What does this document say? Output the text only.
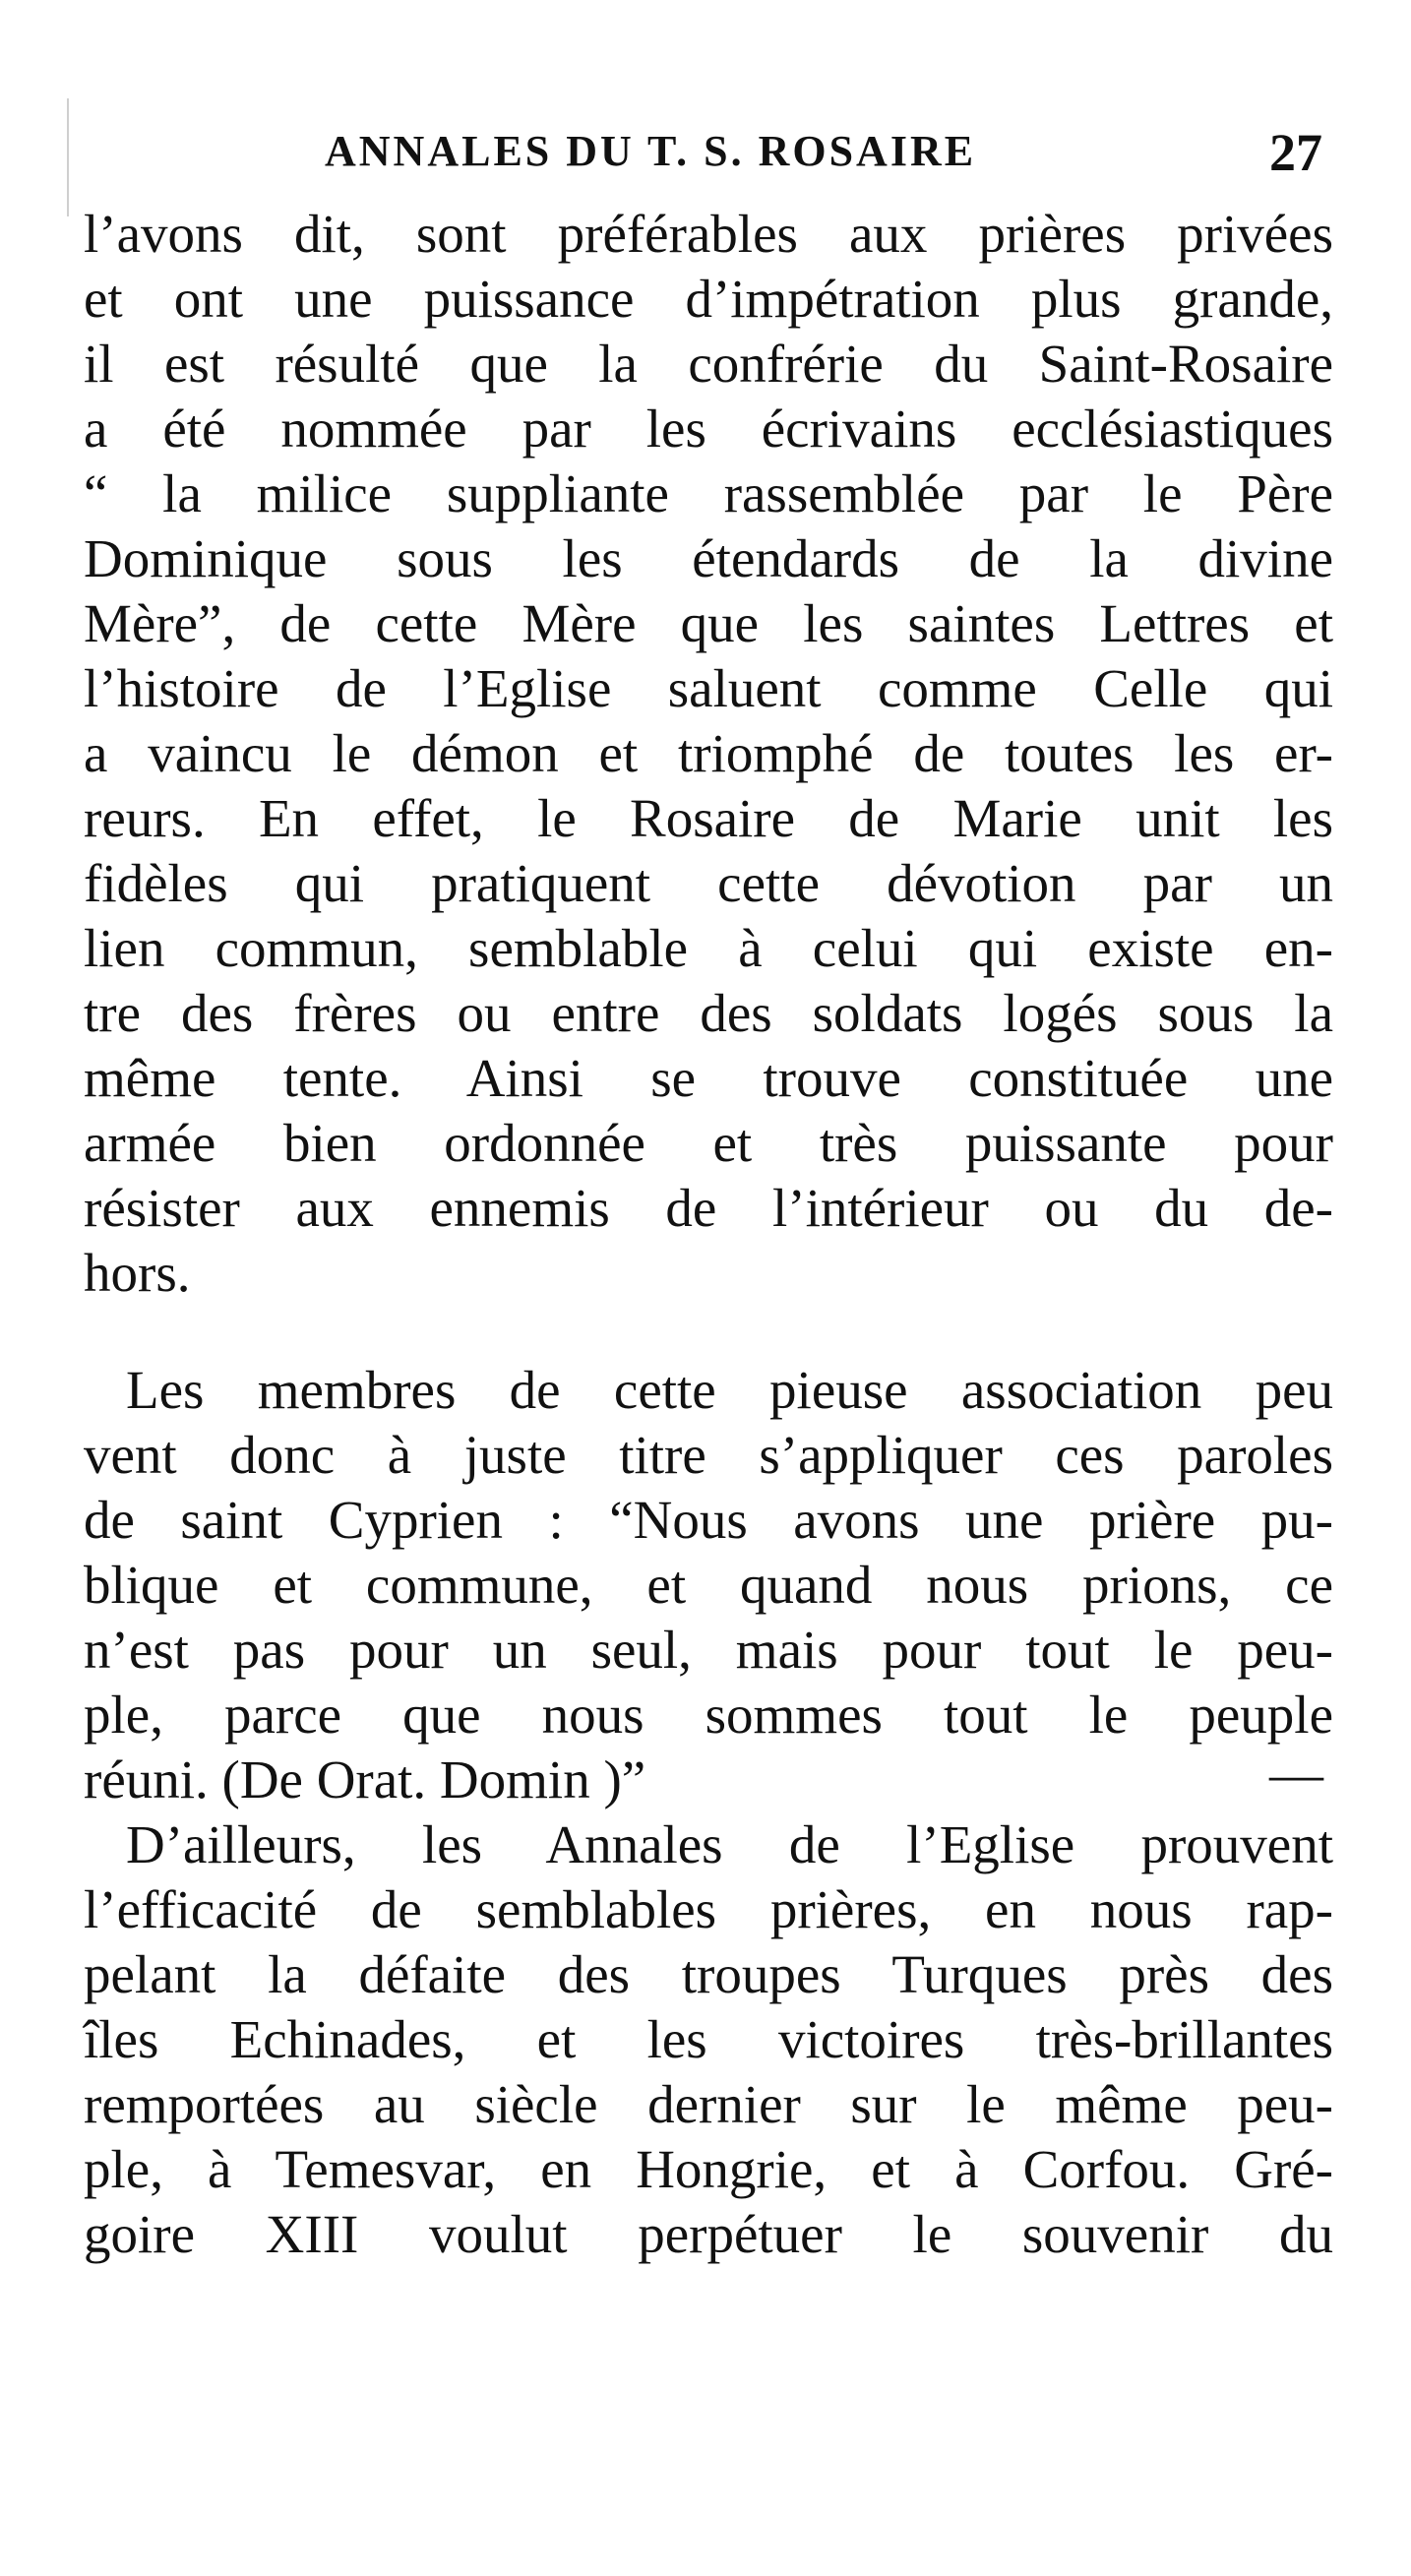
ANNALES DU T. S. ROSAIRE	27
l’avons dit, sont préférables aux prières privées
et ont une puissance d’impétration plus grande,
il est résulté que la confrérie du Saint-Rosaire
a été nommée par les écrivains ecclésiastiques
“ la milice suppliante rassemblée par le Père
Dominique sous les étendards de la divine
Mère”, de cette Mère que les saintes Lettres et
l’histoire de l’Eglise saluent comme Celle qui
a vaincu le démon et triomphé de toutes les er-
reurs. En effet, le Rosaire de Marie unit les
fidèles qui pratiquent cette dévotion par un
lien commun, semblable à celui qui existe en-
tre des frères ou entre des soldats logés sous la
même tente. Ainsi se trouve constituée une
armée bien ordonnée et très puissante pour
résister aux ennemis de l’intérieur ou du de-
hors.
Les membres de cette pieuse association peu
vent donc à juste titre s’appliquer ces paroles
de saint Cyprien : “Nous avons une prière pu-
blique et commune, et quand nous prions, ce
n’est pas pour un seul, mais pour tout le peu-
ple, parce que nous sommes tout le peuple
réuni. (De Orat. Domin )”	—
D’ailleurs, les Annales de l’Eglise prouvent
l’efficacité de semblables prières, en nous rap-
pelant la défaite des troupes Turques près des
îles Echinades, et les victoires très-brillantes
remportées au siècle dernier sur le même peu-
ple, à Temesvar, en Hongrie, et à Corfou. Gré-
goire XIII voulut perpétuer le souvenir du
